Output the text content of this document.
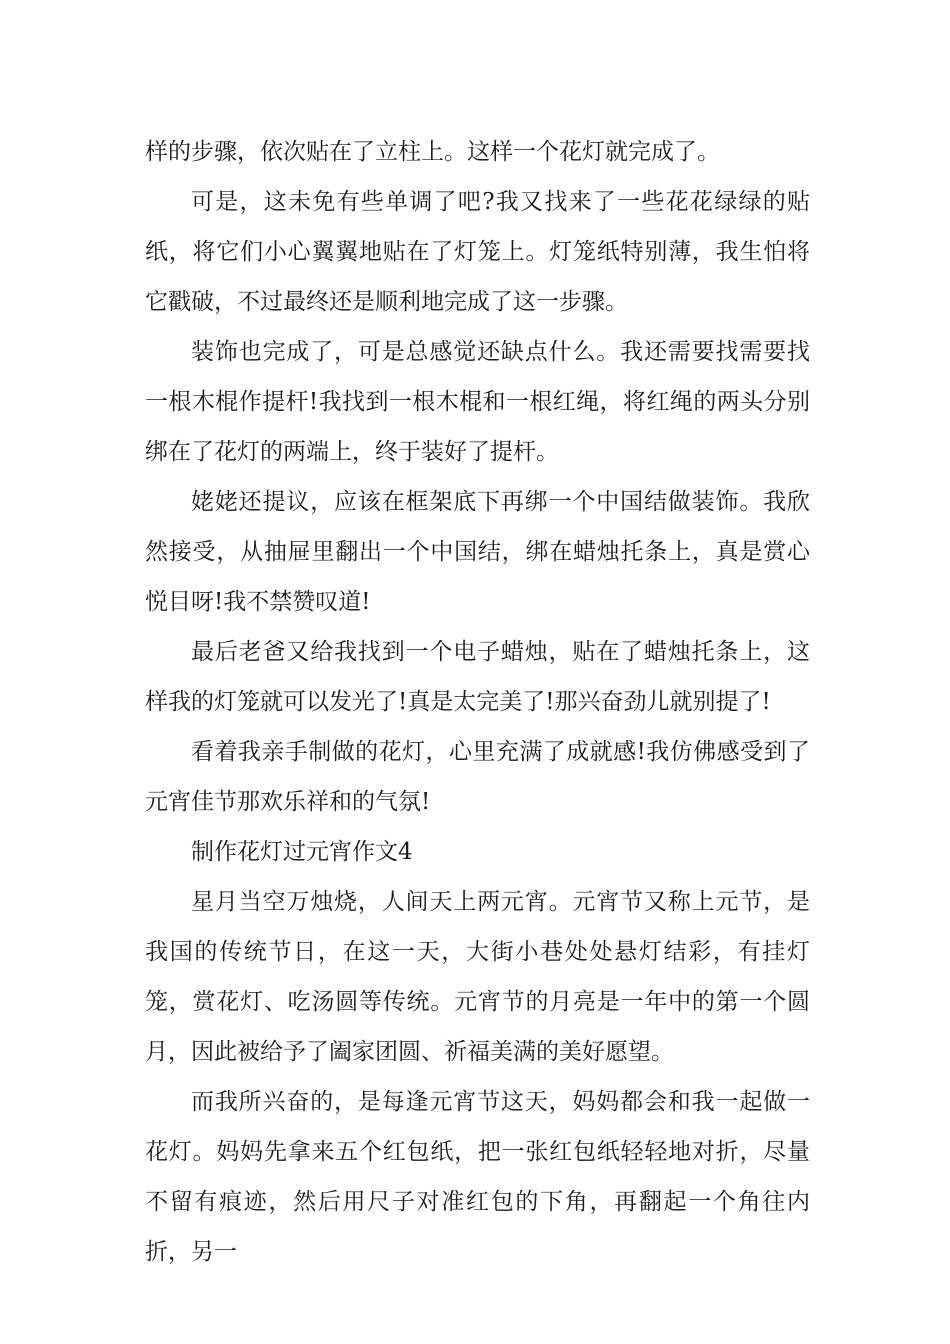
样的步骤，依次贴在了立柱上。这样一个花灯就完成了。

可是，这未免有些单调了吧?我又找来了一些花花绿绿的贴纸，将它们小心翼翼地贴在了灯笼上。灯笼纸特别薄，我生怕将它戳破，不过最终还是顺利地完成了这一步骤。

装饰也完成了，可是总感觉还缺点什么。我还需要找需要找一根木棍作提杆!我找到一根木棍和一根红绳，将红绳的两头分别绑在了花灯的两端上，终于装好了提杆。

姥姥还提议，应该在框架底下再绑一个中国结做装饰。我欣然接受，从抽屉里翻出一个中国结，绑在蜡烛托条上，真是赏心悦目呀!我不禁赞叹道!

最后老爸又给我找到一个电子蜡烛，贴在了蜡烛托条上，这样我的灯笼就可以发光了!真是太完美了!那兴奋劲儿就别提了!

看着我亲手制做的花灯，心里充满了成就感!我仿佛感受到了元宵佳节那欢乐祥和的气氛!

制作花灯过元宵作文4

星月当空万烛烧，人间天上两元宵。元宵节又称上元节，是我国的传统节日，在这一天，大街小巷处处悬灯结彩，有挂灯笼，赏花灯、吃汤圆等传统。元宵节的月亮是一年中的第一个圆月，因此被给予了阖家团圆、祈福美满的美好愿望。

而我所兴奋的，是每逢元宵节这天，妈妈都会和我一起做一花灯。妈妈先拿来五个红包纸，把一张红包纸轻轻地对折，尽量不留有痕迹，然后用尺子对准红包的下角，再翻起一个角往内折，另一
